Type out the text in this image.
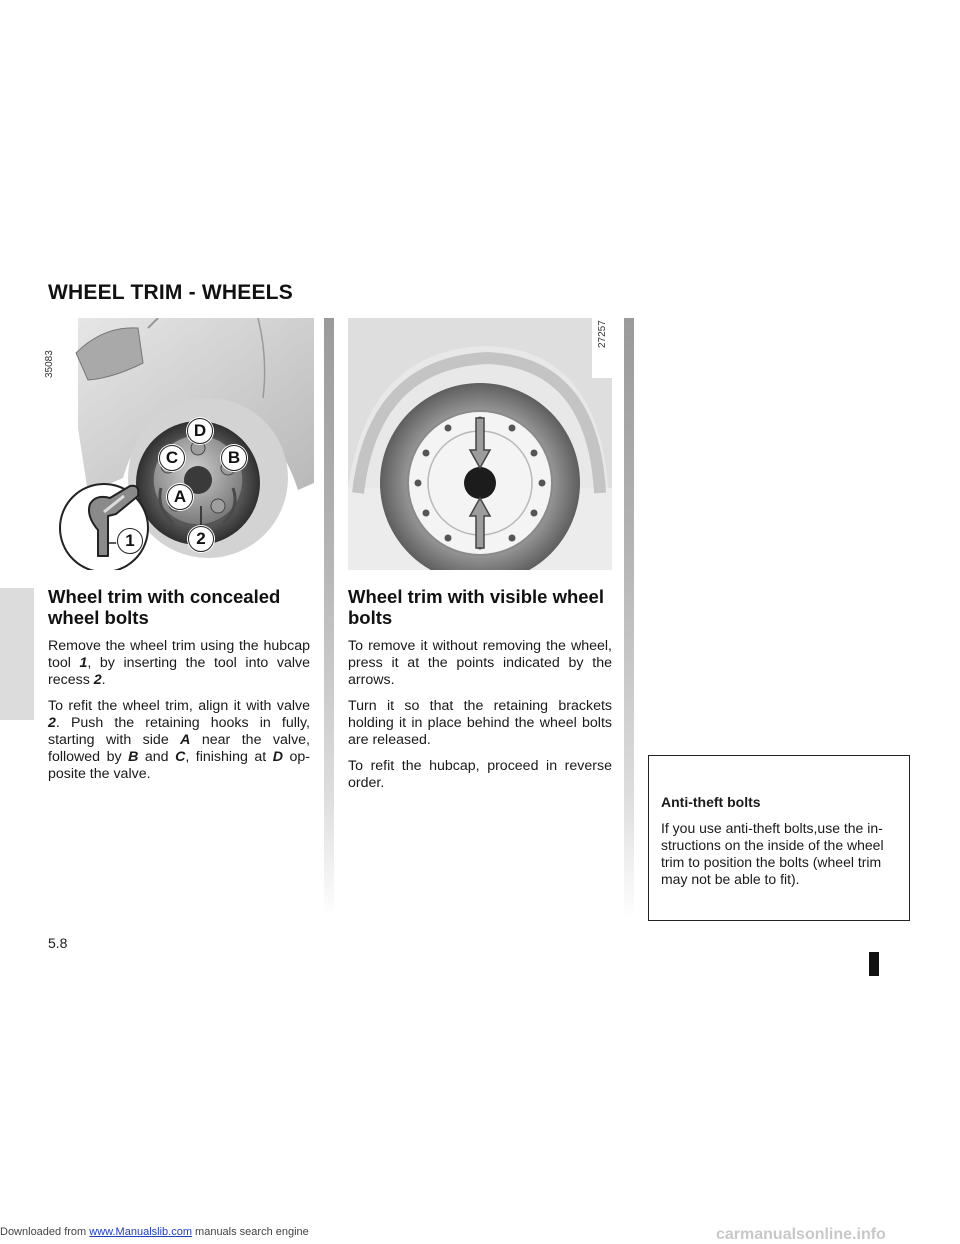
WHEEL TRIM - WHEELS
35083
D
C	B
A
1	2
27257
Wheel trim with concealed wheel bolts

Remove the wheel trim using the hubcap tool 1, by inserting the tool into valve recess 2.

To refit the wheel trim, align it with valve 2. Push the retaining hooks in fully, starting with side A near the valve, followed by B and C, finishing at D op-posite the valve.

Wheel trim with visible wheel bolts

To remove it without removing the wheel, press it at the points indicated by the arrows.

Turn it so that the retaining brackets holding it in place behind the wheel bolts are released.

To refit the hubcap, proceed in reverse order.

Anti-theft bolts

If you use anti-theft bolts,use the in-structions on the inside of the wheel trim to position the bolts (wheel trim may not be able to fit).

5.8
Downloaded from www.Manualslib.com manuals search engine	carmanualsonline.info
